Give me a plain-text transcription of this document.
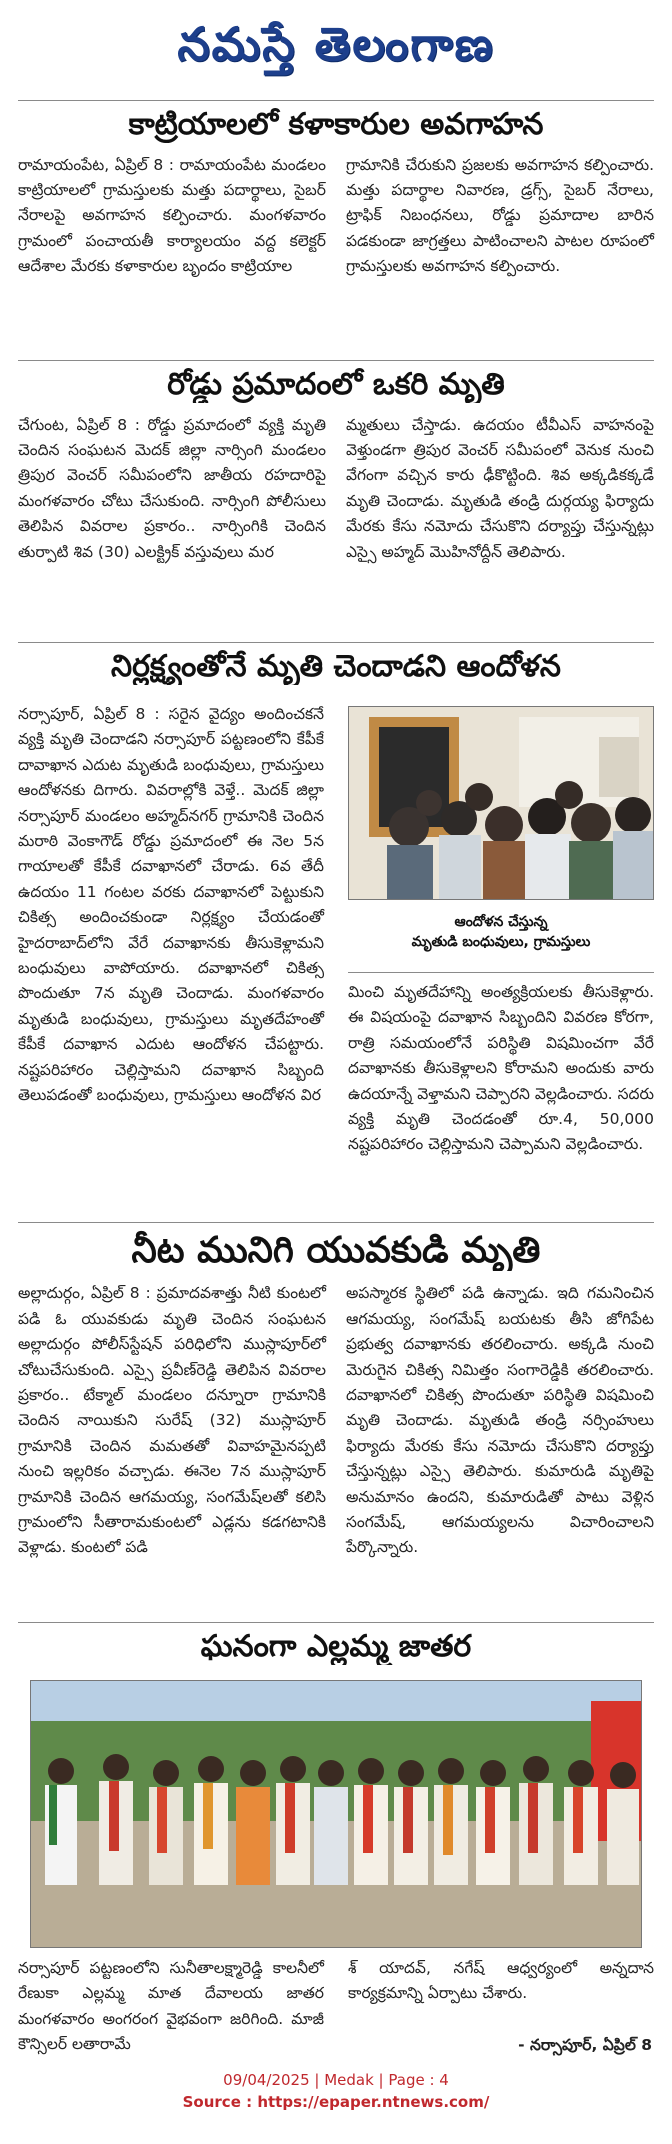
నమస్తే తెలంగాణ
కాట్రియాలలో కళాకారుల అవగాహన
రామాయంపేట, ఏప్రిల్ 8 : రామాయంపేట మండలం కాట్రియాలలో గ్రామస్తులకు మత్తు పదార్థాలు, సైబర్ నేరాలపై అవగాహన కల్పించారు. మంగళవారం గ్రామంలో పంచాయతీ కార్యాలయం వద్ద కలెక్టర్ ఆదేశాల మేరకు కళాకారుల బృందం కాట్రియాల
గ్రామానికి చేరుకుని ప్రజలకు అవగాహన కల్పించారు. మత్తు పదార్థాల నివారణ, డ్రగ్స్, సైబర్ నేరాలు, ట్రాఫిక్ నిబంధనలు, రోడ్డు ప్రమాదాల బారిన పడకుండా జాగ్రత్తలు పాటించాలని పాటల రూపంలో గ్రామస్తులకు అవగాహన కల్పించారు.
రోడ్డు ప్రమాదంలో ఒకరి మృతి
చేగుంట, ఏప్రిల్ 8 : రోడ్డు ప్రమాదంలో వ్యక్తి మృతి చెందిన సంఘటన మెదక్ జిల్లా నార్సింగి మండలం త్రిపుర వెంచర్ సమీపంలోని జాతీయ రహదారిపై మంగళవారం చోటు చేసుకుంది. నార్సింగి పోలీసులు తెలిపిన వివరాల ప్రకారం.. నార్సింగికి చెందిన తుర్పాటి శివ (30) ఎలక్ట్రిక్ వస్తువులు మర
మ్మతులు చేస్తాడు. ఉదయం టీవీఎస్ వాహనంపై వెళ్తుండగా త్రిపుర వెంచర్ సమీపంలో వెనుక నుంచి వేగంగా వచ్చిన కారు ఢీకొట్టింది. శివ అక్కడికక్కడే మృతి చెందాడు. మృతుడి తండ్రి దుర్గయ్య ఫిర్యాదు మేరకు కేసు నమోదు చేసుకొని దర్యాప్తు చేస్తున్నట్లు ఎస్సై అహ్మద్ మొహినోద్దీన్ తెలిపారు.
నిర్లక్ష్యంతోనే మృతి చెందాడని ఆందోళన
నర్సాపూర్, ఏప్రిల్ 8 : సరైన వైద్యం అందించకనే వ్యక్తి మృతి చెందాడని నర్సాపూర్ పట్టణంలోని కేపీకే దావాఖాన ఎదుట మృతుడి బంధువులు, గ్రామస్తులు ఆందోళనకు దిగారు. వివరాల్లోకి వెళ్తే.. మెదక్ జిల్లా నర్సాపూర్ మండలం అహ్మద్‌నగర్ గ్రామానికి చెందిన మరాఠి వెంకాగౌడ్ రోడ్డు ప్రమాదంలో ఈ నెల 5న గాయాలతో కేపీకే దవాఖానలో చేరాడు. 6వ తేదీ ఉదయం 11 గంటల వరకు దవాఖానలో పెట్టుకుని చికిత్స అందించకుండా నిర్లక్ష్యం చేయడంతో హైదరాబాద్‌లోని వేరే దవాఖానకు తీసుకెళ్లామని బంధువులు వాపోయారు. దవాఖానలో చికిత్స పొందుతూ 7న మృతి చెందాడు. మంగళవారం మృతుడి బంధువులు, గ్రామస్తులు మృతదేహంతో కేపీకే దవాఖాన ఎదుట ఆందోళన చేపట్టారు. నష్టపరిహారం చెల్లిస్తామని దవాఖాన సిబ్బంది తెలుపడంతో బంధువులు, గ్రామస్తులు ఆందోళన విర
ఆందోళన చేస్తున్న
మృతుడి బంధువులు, గ్రామస్తులు
మించి మృతదేహాన్ని అంత్యక్రియలకు తీసుకెళ్లారు. ఈ విషయంపై దవాఖాన సిబ్బందిని వివరణ కోరగా, రాత్రి సమయంలోనే పరిస్థితి విషమించగా వేరే దవాఖానకు తీసుకెళ్లాలని కోరామని అందుకు వారు ఉదయాన్నే వెళ్తామని చెప్పారని వెల్లడించారు. సదరు వ్యక్తి మృతి చెందడంతో రూ.4, 50,000 నష్టపరిహారం చెల్లిస్తామని చెప్పామని వెల్లడించారు.
నీట మునిగి యువకుడి మృతి
అల్లాదుర్గం, ఏప్రిల్ 8 : ప్రమాదవశాత్తు నీటి కుంటలో పడి ఓ యువకుడు మృతి చెందిన సంఘటన అల్లాదుర్గం పోలీస్‌స్టేషన్ పరిధిలోని ముస్లాపూర్‌లో చోటుచేసుకుంది. ఎస్సై ప్రవీణ్‌రెడ్డి తెలిపిన వివరాల ప్రకారం.. టేక్మాల్ మండలం దన్నూరా గ్రామానికి చెందిన నాయికుని సురేష్ (32) ముస్లాపూర్ గ్రామానికి చెందిన మమతతో వివాహమైనప్పటి నుంచి ఇల్లరికం వచ్చాడు. ఈనెల 7న ముస్లాపూర్ గ్రామానికి చెందిన ఆగమయ్య, సంగమేష్‌లతో కలిసి గ్రామంలోని సీతారామకుంటలో ఎడ్లను కడగటానికి వెళ్లాడు. కుంటలో పడి
అపస్మారక స్థితిలో పడి ఉన్నాడు. ఇది గమనించిన ఆగమయ్య, సంగమేష్ బయటకు తీసి జోగిపేట ప్రభుత్వ దవాఖానకు తరలించారు. అక్కడి నుంచి మెరుగైన చికిత్స నిమిత్తం సంగారెడ్డికి తరలించారు. దవాఖానలో చికిత్స పొందుతూ పరిస్థితి విషమించి మృతి చెందాడు. మృతుడి తండ్రి నర్సింహులు ఫిర్యాదు మేరకు కేసు నమోదు చేసుకొని దర్యాప్తు చేస్తున్నట్లు ఎస్సై తెలిపారు. కుమారుడి మృతిపై అనుమానం ఉందని, కుమారుడితో పాటు వెళ్లిన సంగమేష్, ఆగమయ్యలను విచారించాలని పేర్కొన్నారు.
ఘనంగా ఎల్లమ్మ జాతర
నర్సాపూర్ పట్టణంలోని సునీతాలక్ష్మారెడ్డి కాలనీలో రేణుకా ఎల్లమ్మ మాత దేవాలయ జాతర మంగళవారం అంగరంగ వైభవంగా జరిగింది. మాజీ కౌన్సిలర్ లతారామే
శ్ యాదవ్, నగేష్ ఆధ్వర్యంలో అన్నదాన కార్యక్రమాన్ని ఏర్పాటు చేశారు.
- నర్సాపూర్, ఏప్రిల్ 8
09/04/2025 | Medak | Page : 4
Source : https://epaper.ntnews.com/
